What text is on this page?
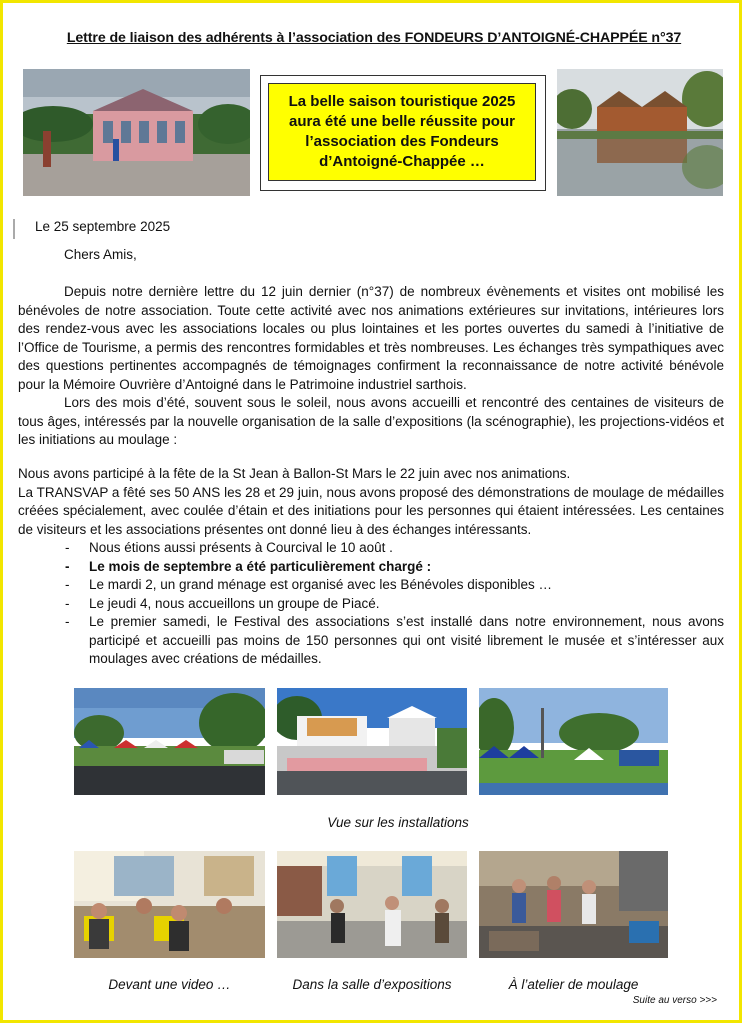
Lettre de liaison des adhérents à l’association des FONDEURS D’ANTOIGNÉ-CHAPPÉE n°37
La belle saison touristique 2025 aura été une belle réussite pour l’association des Fondeurs d’Antoigné-Chappée …
Le 25 septembre 2025
Chers Amis,

Depuis notre dernière lettre du 12 juin dernier (n°37) de nombreux évènements et visites ont mobilisé les bénévoles de notre association. Toute cette activité avec nos animations extérieures sur invitations, intérieures lors des rendez-vous avec les associations locales ou plus lointaines et les portes ouvertes du samedi à l’initiative de l’Office de Tourisme, a permis des rencontres formidables et très nombreuses. Les échanges très sympathiques avec des questions pertinentes accompagnés de témoignages confirment la reconnaissance de notre activité bénévole pour la Mémoire Ouvrière d’Antoigné dans le Patrimoine industriel sarthois.

Lors des mois d’été, souvent sous le soleil, nous avons accueilli et rencontré des centaines de visiteurs de tous âges, intéressés par la nouvelle organisation de la salle d’expositions (la scénographie), les projections-vidéos et les initiations au moulage :

Nous avons participé à la fête de la St Jean à Ballon-St Mars le 22 juin avec nos animations.

La TRANSVAP a fêté ses 50 ANS les 28 et 29 juin, nous avons proposé des démonstrations de moulage de médailles créées spécialement, avec coulée d’étain et des initiations pour les personnes qui étaient intéressées. Les centaines de visiteurs et les associations présentes ont donné lieu à des échanges intéressants.

- Nous étions aussi présents à Courcival le 10 août .
- Le mois de septembre a été particulièrement chargé :
- Le mardi 2, un grand ménage est organisé avec les Bénévoles disponibles …
- Le jeudi 4, nous accueillons un groupe de Piacé.
- Le premier samedi, le Festival des associations s’est installé dans notre environnement, nous avons participé et accueilli pas moins de 150 personnes qui ont visité librement le musée et s’intéresser aux moulages avec créations de médailles.
Vue sur les installations
Devant une video …	Dans la salle d’expositions	À l’atelier de moulage
Suite au verso >>>
